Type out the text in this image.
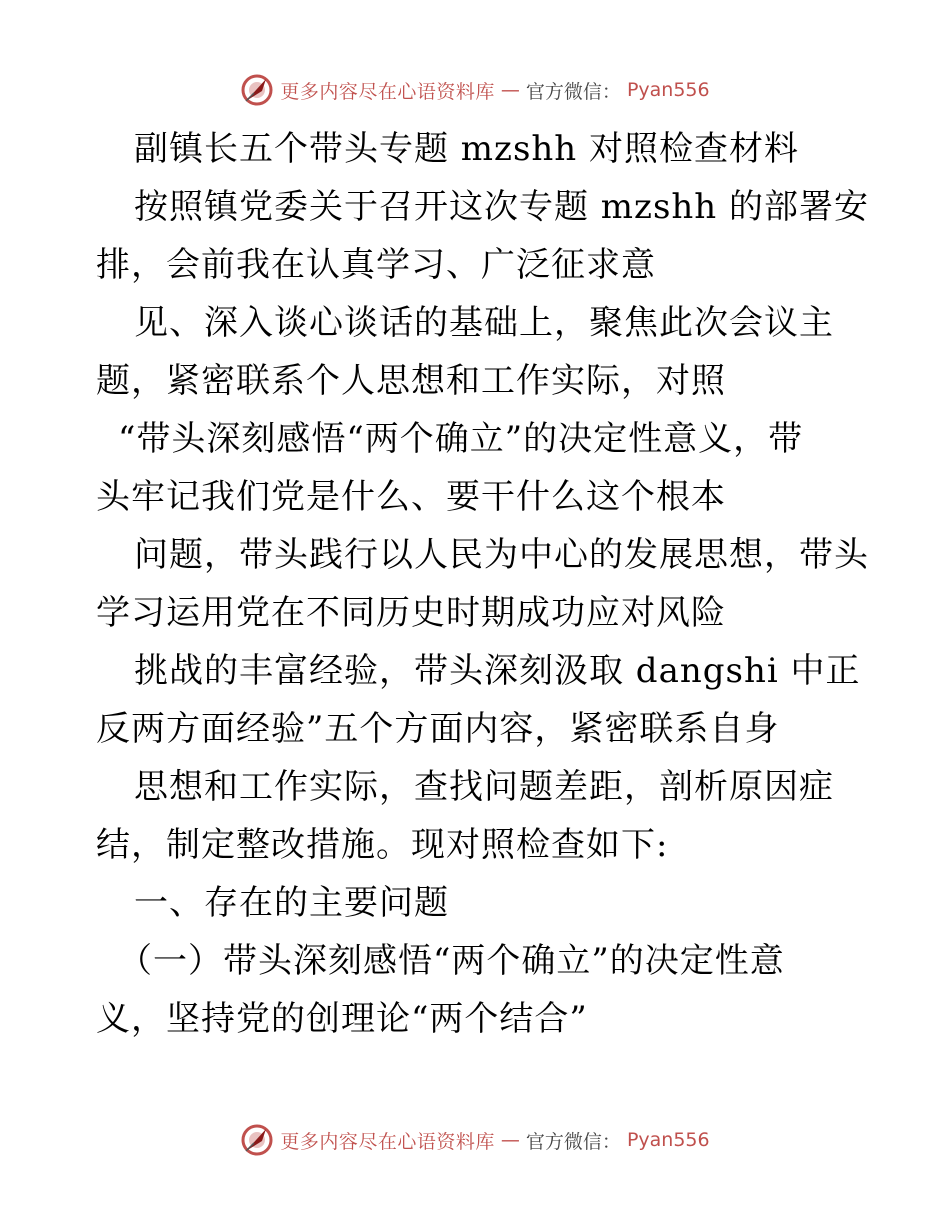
更多内容尽在心语资料库 — 官方微信： Pyan556
副镇长五个带头专题 mzshh 对照检查材料
按照镇党委关于召开这次专题 mzshh 的部署安
排，会前我在认真学习、广泛征求意
见、深入谈心谈话的基础上，聚焦此次会议主
题，紧密联系个人思想和工作实际，对照
“带头深刻感悟“两个确立”的决定性意义，带
头牢记我们党是什么、要干什么这个根本
问题，带头践行以人民为中心的发展思想，带头
学习运用党在不同历史时期成功应对风险
挑战的丰富经验，带头深刻汲取 dangshi 中正
反两方面经验”五个方面内容，紧密联系自身
思想和工作实际，查找问题差距，剖析原因症
结，制定整改措施。现对照检查如下:
一、存在的主要问题
（一）带头深刻感悟“两个确立”的决定性意
义，坚持党的创理论“两个结合”
更多内容尽在心语资料库 — 官方微信： Pyan556
